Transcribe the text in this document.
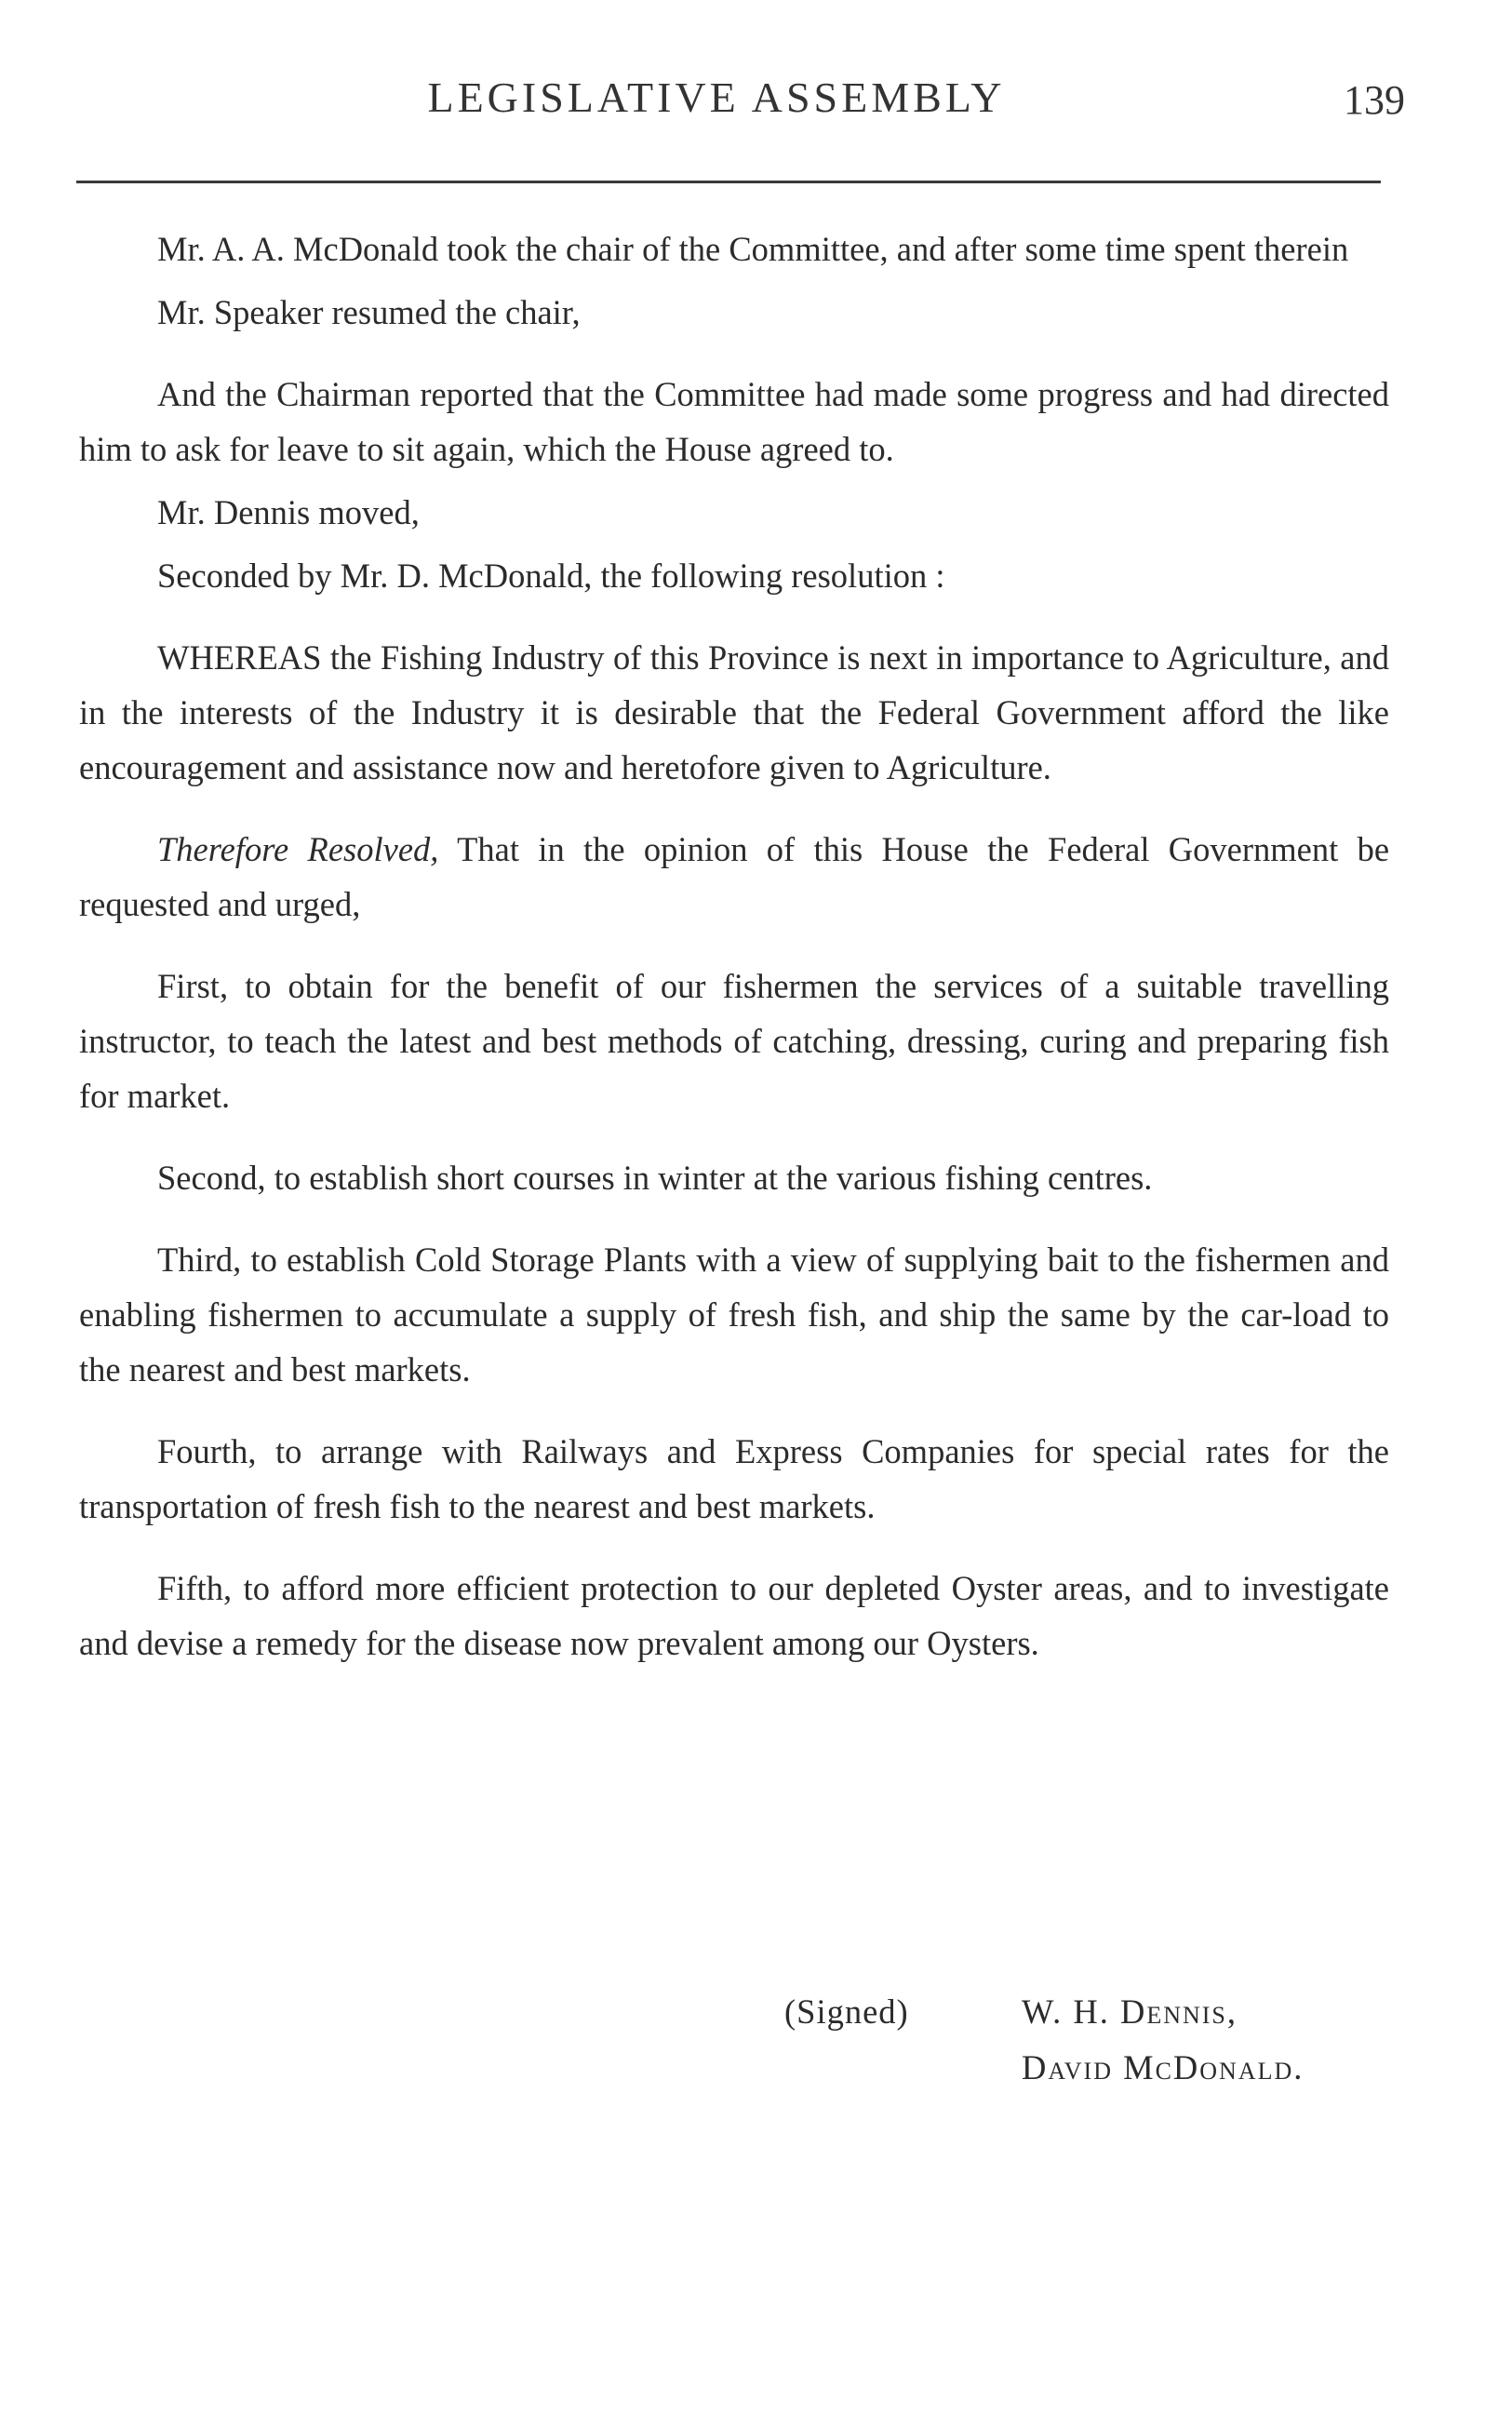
LEGISLATIVE ASSEMBLY	139

Mr. A. A. McDonald took the chair of the Committee, and after some time spent therein

Mr. Speaker resumed the chair,

And the Chairman reported that the Committee had made some progress and had directed him to ask for leave to sit again, which the House agreed to.

Mr. Dennis moved,

Seconded by Mr. D. McDonald, the following resolution :

WHEREAS the Fishing Industry of this Province is next in importance to Agriculture, and in the interests of the Industry it is desirable that the Federal Government afford the like encouragement and assistance now and heretofore given to Agriculture.

Therefore Resolved, That in the opinion of this House the Federal Government be requested and urged,

First, to obtain for the benefit of our fishermen the services of a suitable travelling instructor, to teach the latest and best methods of catching, dressing, curing and preparing fish for market.

Second, to establish short courses in winter at the various fishing centres.

Third, to establish Cold Storage Plants with a view of supplying bait to the fishermen and enabling fishermen to accumulate a supply of fresh fish, and ship the same by the car-load to the nearest and best markets.

Fourth, to arrange with Railways and Express Companies for special rates for the transportation of fresh fish to the nearest and best markets.

Fifth, to afford more efficient protection to our depleted Oyster areas, and to investigate and devise a remedy for the disease now prevalent among our Oysters.

(Signed)	W. H. Dennis,
David McDonald.
